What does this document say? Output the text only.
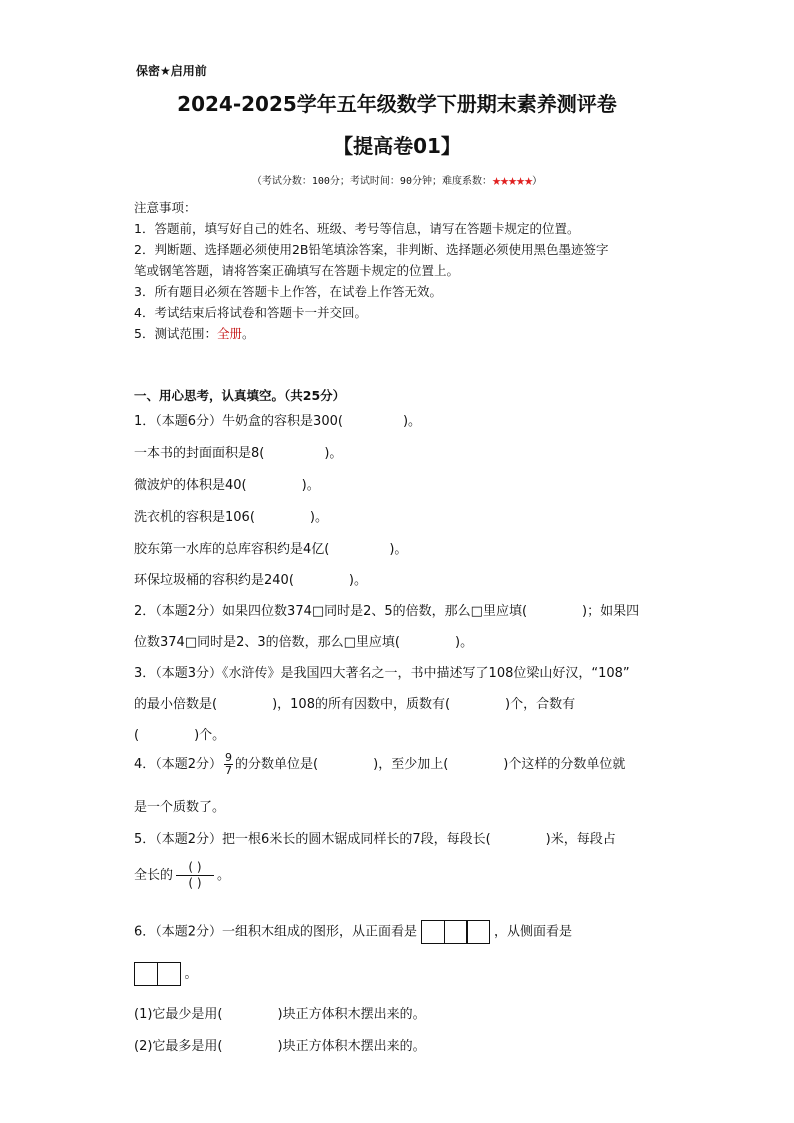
保密★启用前
2024-2025学年五年级数学下册期末素养测评卷
【提高卷01】
（考试分数：100分；考试时间：90分钟；难度系数：★★★★★）
注意事项：
1．答题前，填写好自己的姓名、班级、考号等信息，请写在答题卡规定的位置。
2．判断题、选择题必须使用2B铅笔填涂答案，非判断、选择题必须使用黑色墨迹签字
笔或钢笔答题，请将答案正确填写在答题卡规定的位置上。
3．所有题目必须在答题卡上作答，在试卷上作答无效。
4．考试结束后将试卷和答题卡一并交回。
5．测试范围：全册。
一、用心思考，认真填空。（共25分）
1．（本题6分）牛奶盒的容积是300(	)。
一本书的封面面积是8(	)。
微波炉的体积是40(	)。
洗衣机的容积是106(	)。
胶东第一水库的总库容积约是4亿(	)。
环保垃圾桶的容积约是240(	)。
2．（本题2分）如果四位数374□同时是2、5的倍数，那么□里应填(	)；如果四
位数374□同时是2、3的倍数，那么□里应填(	)。
3．（本题3分）《水浒传》是我国四大著名之一，书中描述写了108位梁山好汉，“108”
的最小倍数是(	)，108的所有因数中，质数有(	)个，合数有
(	)个。
4．（本题2分） $\frac{9}{7}$ 的分数单位是(	)，至少加上(	)个这样的分数单位就
是一个质数了。
5．（本题2分）把一根6米长的圆木锯成同样长的7段，每段长(	)米，每段占
全长的
( )
( )	。
6．（本题2分）一组积木组成的图形，从正面看是	，从侧面看是
。
(1)它最少是用(	)块正方体积木摆出来的。
(2)它最多是用(	)块正方体积木摆出来的。
